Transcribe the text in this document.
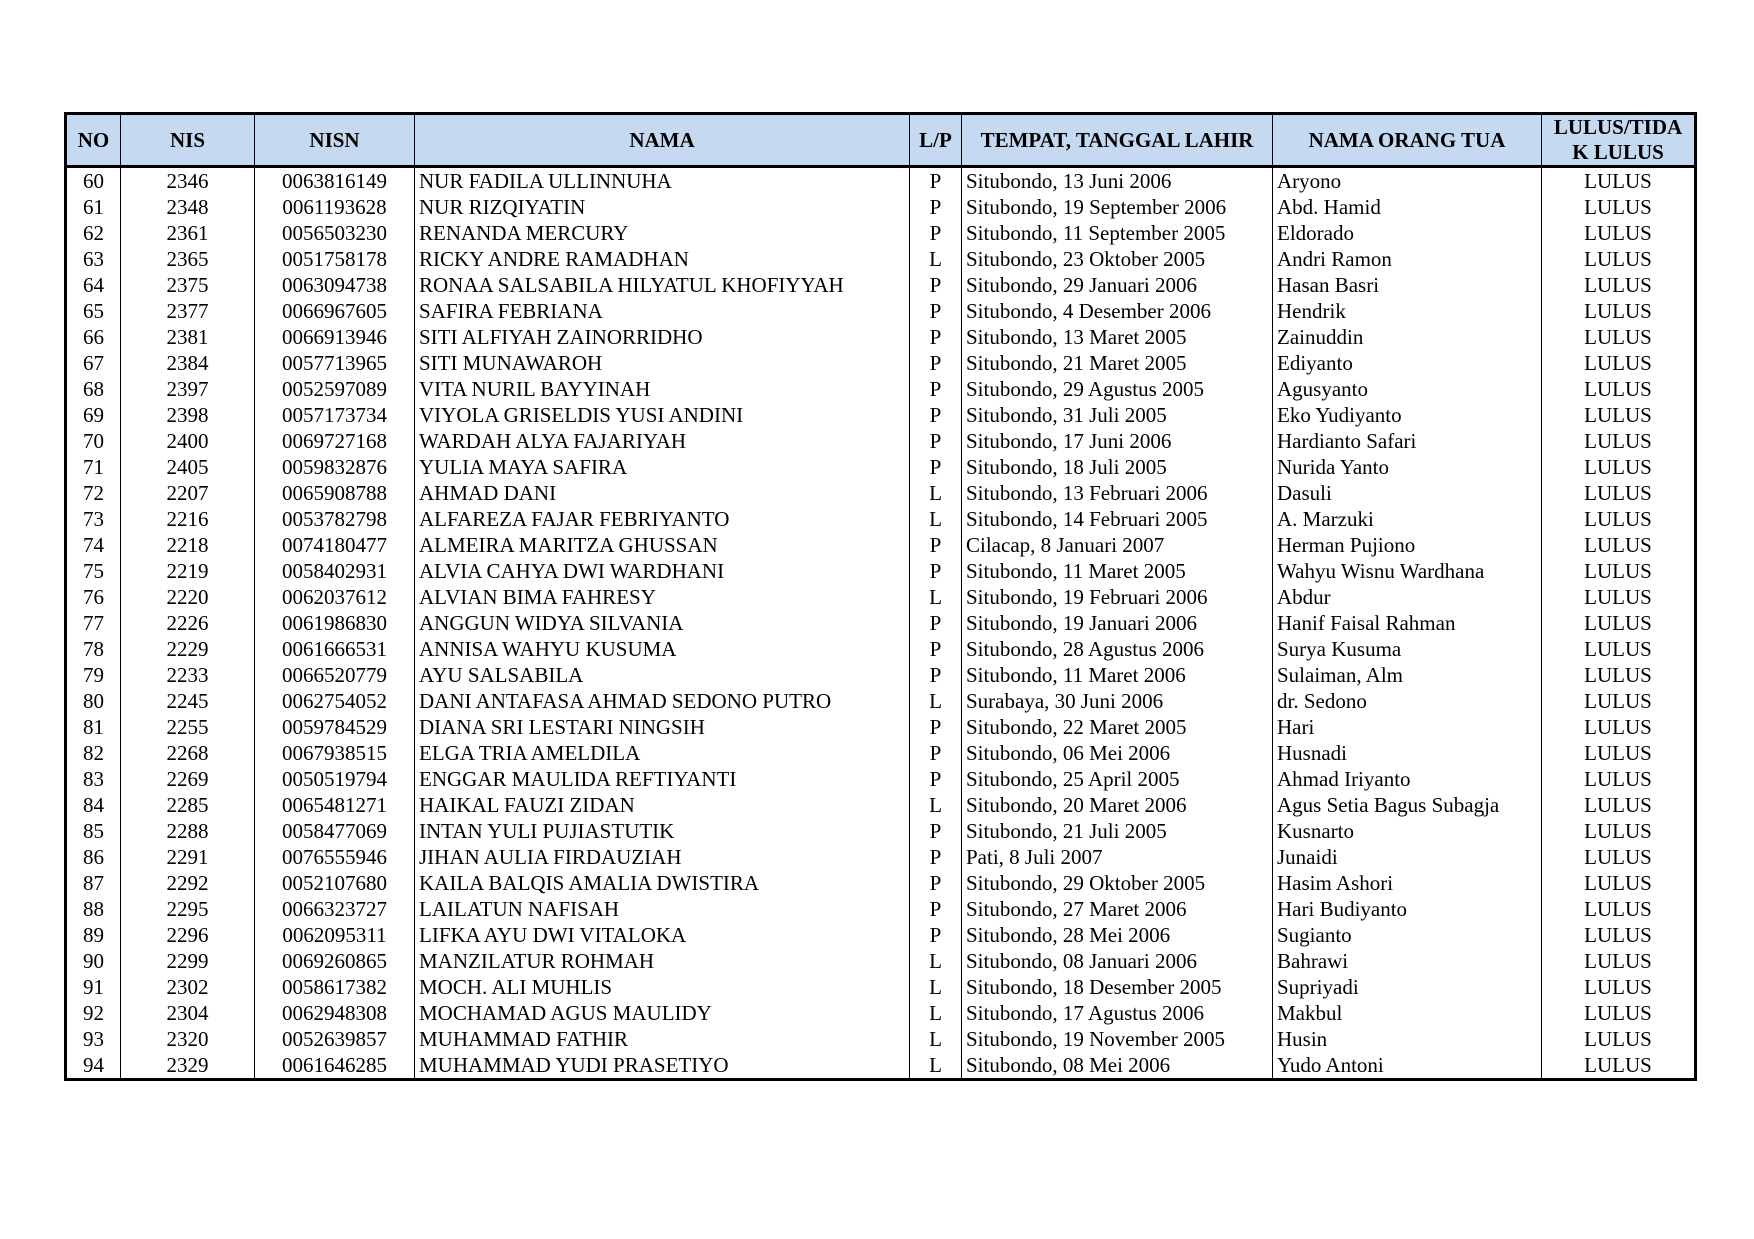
NO	NIS	NISN	NAMA	L/P	TEMPAT, TANGGAL LAHIR	NAMA ORANG TUA	LULUS/TIDA K LULUS
60	2346	0063816149	NUR FADILA ULLINNUHA	P	Situbondo, 13 Juni 2006	Aryono	LULUS
61	2348	0061193628	NUR RIZQIYATIN	P	Situbondo, 19 September 2006	Abd. Hamid	LULUS
62	2361	0056503230	RENANDA MERCURY	P	Situbondo, 11 September 2005	Eldorado	LULUS
63	2365	0051758178	RICKY ANDRE RAMADHAN	L	Situbondo, 23 Oktober 2005	Andri Ramon	LULUS
64	2375	0063094738	RONAA SALSABILA HILYATUL KHOFIYYAH	P	Situbondo, 29 Januari 2006	Hasan Basri	LULUS
65	2377	0066967605	SAFIRA FEBRIANA	P	Situbondo, 4 Desember 2006	Hendrik	LULUS
66	2381	0066913946	SITI ALFIYAH ZAINORRIDHO	P	Situbondo, 13 Maret 2005	Zainuddin	LULUS
67	2384	0057713965	SITI MUNAWAROH	P	Situbondo, 21 Maret 2005	Ediyanto	LULUS
68	2397	0052597089	VITA NURIL BAYYINAH	P	Situbondo, 29 Agustus 2005	Agusyanto	LULUS
69	2398	0057173734	VIYOLA GRISELDIS YUSI ANDINI	P	Situbondo, 31 Juli 2005	Eko Yudiyanto	LULUS
70	2400	0069727168	WARDAH ALYA FAJARIYAH	P	Situbondo, 17 Juni 2006	Hardianto Safari	LULUS
71	2405	0059832876	YULIA MAYA SAFIRA	P	Situbondo, 18 Juli 2005	Nurida Yanto	LULUS
72	2207	0065908788	AHMAD DANI	L	Situbondo, 13 Februari 2006	Dasuli	LULUS
73	2216	0053782798	ALFAREZA FAJAR FEBRIYANTO	L	Situbondo, 14 Februari 2005	A. Marzuki	LULUS
74	2218	0074180477	ALMEIRA MARITZA GHUSSAN	P	Cilacap, 8 Januari 2007	Herman Pujiono	LULUS
75	2219	0058402931	ALVIA CAHYA DWI WARDHANI	P	Situbondo, 11 Maret 2005	Wahyu Wisnu Wardhana	LULUS
76	2220	0062037612	ALVIAN BIMA FAHRESY	L	Situbondo, 19 Februari 2006	Abdur	LULUS
77	2226	0061986830	ANGGUN WIDYA SILVANIA	P	Situbondo, 19 Januari 2006	Hanif Faisal Rahman	LULUS
78	2229	0061666531	ANNISA WAHYU KUSUMA	P	Situbondo, 28 Agustus 2006	Surya Kusuma	LULUS
79	2233	0066520779	AYU SALSABILA	P	Situbondo, 11 Maret 2006	Sulaiman, Alm	LULUS
80	2245	0062754052	DANI ANTAFASA AHMAD SEDONO PUTRO	L	Surabaya, 30 Juni 2006	dr. Sedono	LULUS
81	2255	0059784529	DIANA SRI LESTARI NINGSIH	P	Situbondo, 22 Maret 2005	Hari	LULUS
82	2268	0067938515	ELGA TRIA AMELDILA	P	Situbondo, 06 Mei 2006	Husnadi	LULUS
83	2269	0050519794	ENGGAR MAULIDA REFTIYANTI	P	Situbondo, 25 April 2005	Ahmad Iriyanto	LULUS
84	2285	0065481271	HAIKAL FAUZI ZIDAN	L	Situbondo, 20 Maret 2006	Agus Setia Bagus Subagja	LULUS
85	2288	0058477069	INTAN YULI PUJIASTUTIK	P	Situbondo, 21 Juli 2005	Kusnarto	LULUS
86	2291	0076555946	JIHAN AULIA FIRDAUZIAH	P	Pati, 8 Juli 2007	Junaidi	LULUS
87	2292	0052107680	KAILA BALQIS AMALIA DWISTIRA	P	Situbondo, 29 Oktober 2005	Hasim Ashori	LULUS
88	2295	0066323727	LAILATUN NAFISAH	P	Situbondo, 27 Maret 2006	Hari Budiyanto	LULUS
89	2296	0062095311	LIFKA AYU DWI VITALOKA	P	Situbondo, 28 Mei 2006	Sugianto	LULUS
90	2299	0069260865	MANZILATUR ROHMAH	L	Situbondo, 08 Januari 2006	Bahrawi	LULUS
91	2302	0058617382	MOCH. ALI MUHLIS	L	Situbondo, 18 Desember 2005	Supriyadi	LULUS
92	2304	0062948308	MOCHAMAD AGUS MAULIDY	L	Situbondo, 17 Agustus 2006	Makbul	LULUS
93	2320	0052639857	MUHAMMAD FATHIR	L	Situbondo, 19 November 2005	Husin	LULUS
94	2329	0061646285	MUHAMMAD YUDI PRASETIYO	L	Situbondo, 08 Mei 2006	Yudo Antoni	LULUS
